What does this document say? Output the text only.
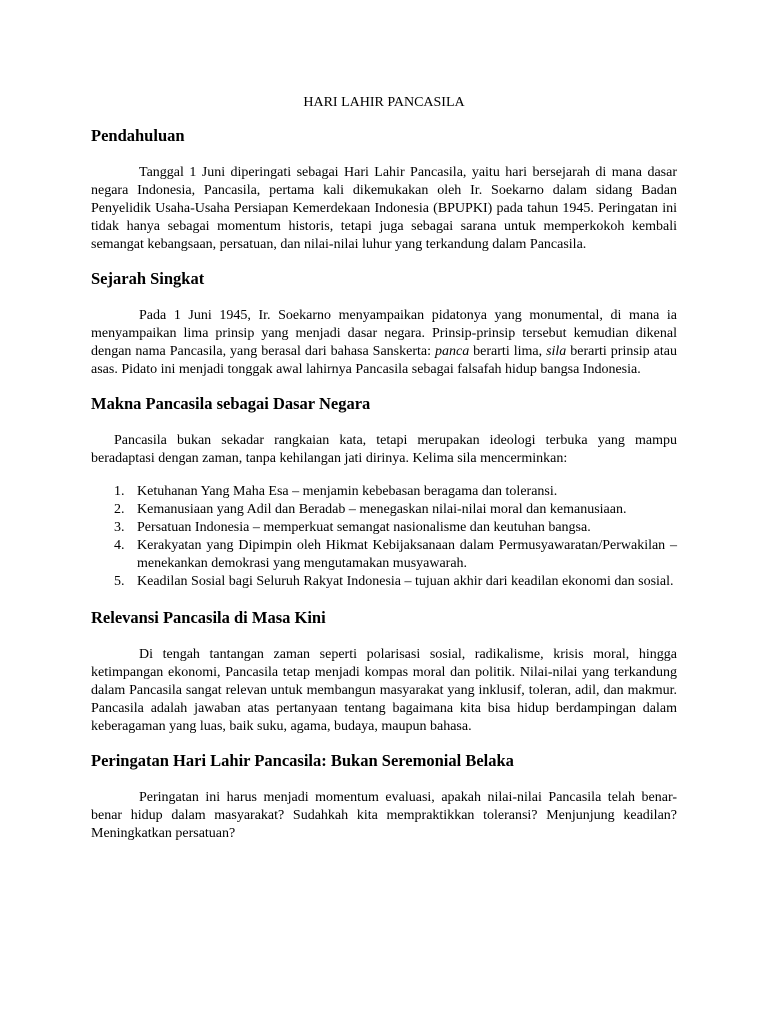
HARI LAHIR PANCASILA
Pendahuluan

Tanggal 1 Juni diperingati sebagai Hari Lahir Pancasila, yaitu hari bersejarah di mana dasar negara Indonesia, Pancasila, pertama kali dikemukakan oleh Ir. Soekarno dalam sidang Badan Penyelidik Usaha-Usaha Persiapan Kemerdekaan Indonesia (BPUPKI) pada tahun 1945. Peringatan ini tidak hanya sebagai momentum historis, tetapi juga sebagai sarana untuk memperkokoh kembali semangat kebangsaan, persatuan, dan nilai-nilai luhur yang terkandung dalam Pancasila.

Sejarah Singkat

Pada 1 Juni 1945, Ir. Soekarno menyampaikan pidatonya yang monumental, di mana ia menyampaikan lima prinsip yang menjadi dasar negara. Prinsip-prinsip tersebut kemudian dikenal dengan nama Pancasila, yang berasal dari bahasa Sanskerta: panca berarti lima, sila berarti prinsip atau asas. Pidato ini menjadi tonggak awal lahirnya Pancasila sebagai falsafah hidup bangsa Indonesia.

Makna Pancasila sebagai Dasar Negara

Pancasila bukan sekadar rangkaian kata, tetapi merupakan ideologi terbuka yang mampu beradaptasi dengan zaman, tanpa kehilangan jati dirinya. Kelima sila mencerminkan:

1. Ketuhanan Yang Maha Esa – menjamin kebebasan beragama dan toleransi.
2. Kemanusiaan yang Adil dan Beradab – menegaskan nilai-nilai moral dan kemanusiaan.
3. Persatuan Indonesia – memperkuat semangat nasionalisme dan keutuhan bangsa.
4. Kerakyatan yang Dipimpin oleh Hikmat Kebijaksanaan dalam Permusyawaratan/Perwakilan – menekankan demokrasi yang mengutamakan musyawarah.
5. Keadilan Sosial bagi Seluruh Rakyat Indonesia – tujuan akhir dari keadilan ekonomi dan sosial.
Relevansi Pancasila di Masa Kini

Di tengah tantangan zaman seperti polarisasi sosial, radikalisme, krisis moral, hingga ketimpangan ekonomi, Pancasila tetap menjadi kompas moral dan politik. Nilai-nilai yang terkandung dalam Pancasila sangat relevan untuk membangun masyarakat yang inklusif, toleran, adil, dan makmur. Pancasila adalah jawaban atas pertanyaan tentang bagaimana kita bisa hidup berdampingan dalam keberagaman yang luas, baik suku, agama, budaya, maupun bahasa.

Peringatan Hari Lahir Pancasila: Bukan Seremonial Belaka

Peringatan ini harus menjadi momentum evaluasi, apakah nilai-nilai Pancasila telah benar-benar hidup dalam masyarakat? Sudahkah kita mempraktikkan toleransi? Menjunjung keadilan? Meningkatkan persatuan?
